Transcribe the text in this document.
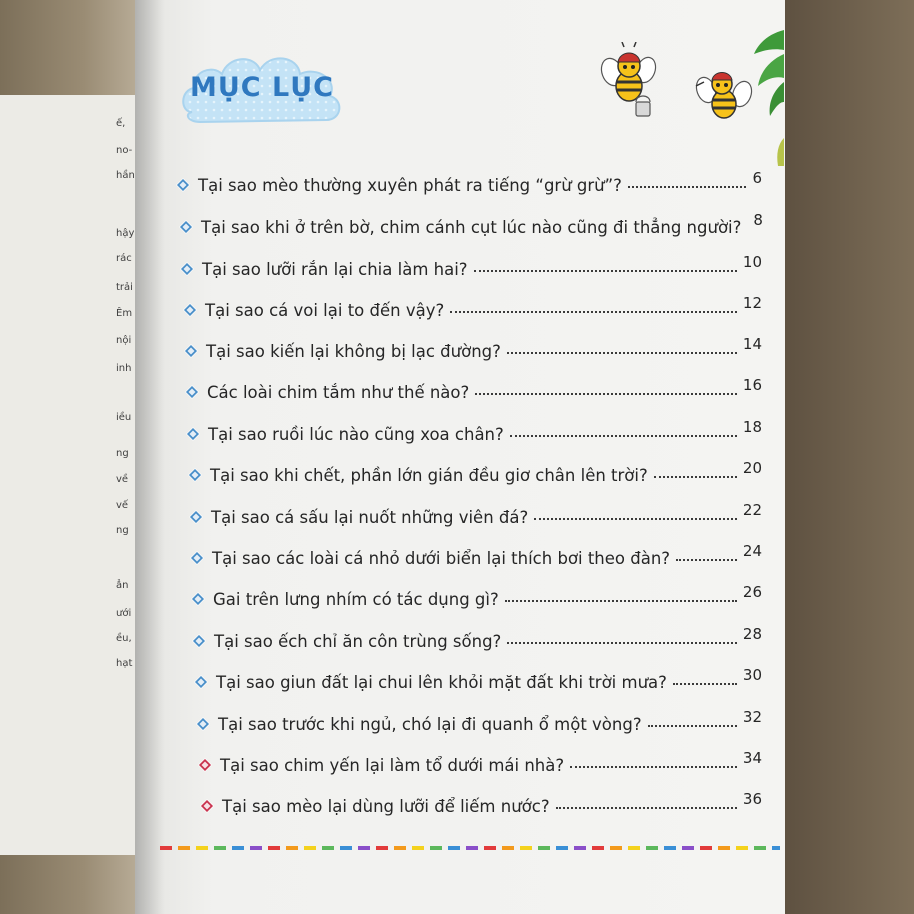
ế,
no-
hần
hậy
rác
trải
Êm
nội
inh
iều
ng
về
vế
ng
ẳn
ưới
ều,
hạt
MỤC LỤC
Tại sao mèo thường xuyên phát ra tiếng “grừ grừ”?	6
Tại sao khi ở trên bờ, chim cánh cụt lúc nào cũng đi thẳng người? 8
Tại sao lưỡi rắn lại chia làm hai?	10
Tại sao cá voi lại to đến vậy?	12
Tại sao kiến lại không bị lạc đường?	14
Các loài chim tắm như thế nào?	16
Tại sao ruồi lúc nào cũng xoa chân?	18
Tại sao khi chết, phần lớn gián đều giơ chân lên trời?	20
Tại sao cá sấu lại nuốt những viên đá?	22
Tại sao các loài cá nhỏ dưới biển lại thích bơi theo đàn?	24
Gai trên lưng nhím có tác dụng gì?	26
Tại sao ếch chỉ ăn côn trùng sống?	28
Tại sao giun đất lại chui lên khỏi mặt đất khi trời mưa?	30
Tại sao trước khi ngủ, chó lại đi quanh ổ một vòng?	32
Tại sao chim yến lại làm tổ dưới mái nhà?	34
Tại sao mèo lại dùng lưỡi để liếm nước?	36
